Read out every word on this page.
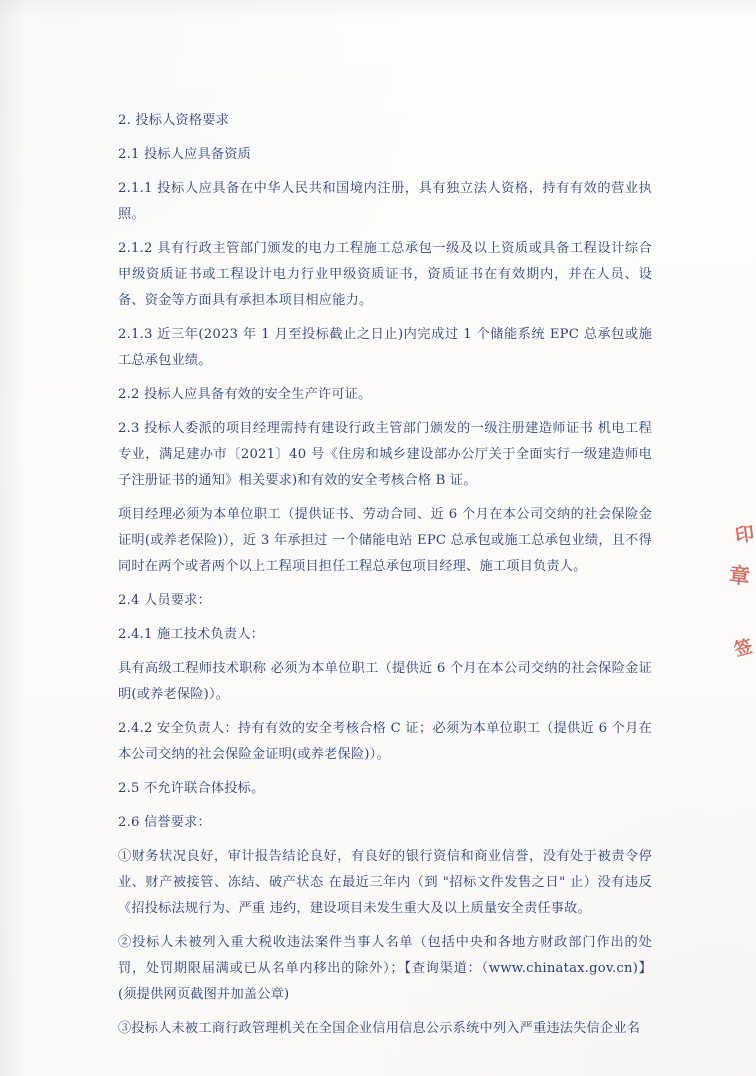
2. 投标人资格要求

2.1 投标人应具备资质

2.1.1 投标人应具备在中华人民共和国境内注册，具有独立法人资格，持有有效的营业执照。

2.1.2 具有行政主管部门颁发的电力工程施工总承包一级及以上资质或具备工程设计综合甲级资质证书或工程设计电力行业甲级资质证书，资质证书在有效期内，并在人员、设备、资金等方面具有承担本项目相应能力。

2.1.3 近三年(2023 年 1 月至投标截止之日止)内完成过 1 个储能系统 EPC 总承包或施工总承包业绩。

2.2 投标人应具备有效的安全生产许可证。

2.3 投标人委派的项目经理需持有建设行政主管部门颁发的一级注册建造师证书 机电工程专业，满足建办市〔2021〕40 号《住房和城乡建设部办公厅关于全面实行一级建造师电子注册证书的通知》相关要求)和有效的安全考核合格 B 证。

项目经理必须为本单位职工（提供证书、劳动合同、近 6 个月在本公司交纳的社会保险金证明(或养老保险)），近 3 年承担过 一个储能电站 EPC 总承包或施工总承包业绩，且不得同时在两个或者两个以上工程项目担任工程总承包项目经理、施工项目负责人。

2.4 人员要求：

2.4.1 施工技术负责人：

具有高级工程师技术职称 必须为本单位职工（提供近 6 个月在本公司交纳的社会保险金证明(或养老保险)）。

2.4.2 安全负责人：持有有效的安全考核合格 C 证；必须为本单位职工（提供近 6 个月在本公司交纳的社会保险金证明(或养老保险)）。

2.5 不允许联合体投标。

2.6 信誉要求：

①财务状况良好，审计报告结论良好，有良好的银行资信和商业信誉，没有处于被责令停业、财产被接管、冻结、破产状态 在最近三年内（到 "招标文件发售之日" 止）没有违反《招投标法规行为、严重 违约，建设项目未发生重大及以上质量安全责任事故。

②投标人未被列入重大税收违法案件当事人名单（包括中央和各地方财政部门作出的处罚，处罚期限届满或已从名单内移出的除外）；【查询渠道：（www.chinatax.gov.cn)】(须提供网页截图并加盖公章)

③投标人未被工商行政管理机关在全国企业信用信息公示系统中列入严重违法失信企业名

印
章
签
